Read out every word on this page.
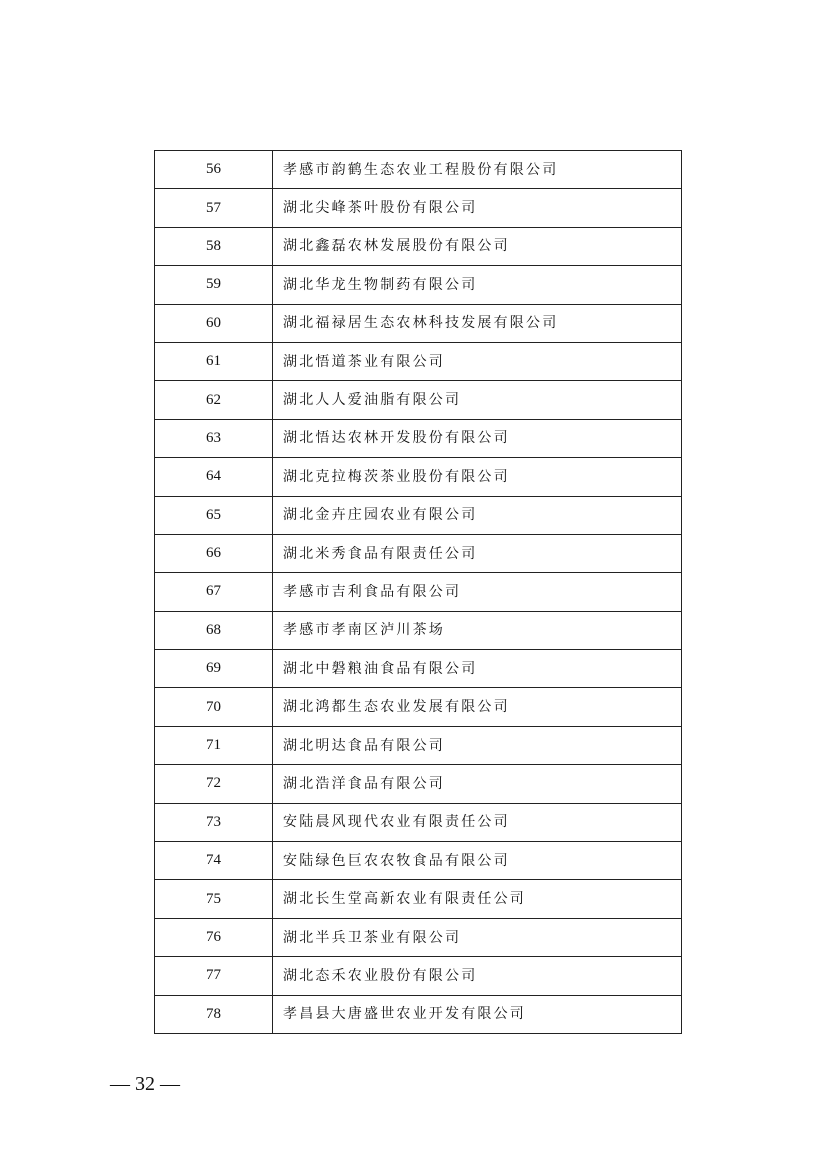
56	孝感市韵鹤生态农业工程股份有限公司
57	湖北尖峰茶叶股份有限公司
58	湖北鑫磊农林发展股份有限公司
59	湖北华龙生物制药有限公司
60	湖北福禄居生态农林科技发展有限公司
61	湖北悟道茶业有限公司
62	湖北人人爱油脂有限公司
63	湖北悟达农林开发股份有限公司
64	湖北克拉梅茨茶业股份有限公司
65	湖北金卉庄园农业有限公司
66	湖北米秀食品有限责任公司
67	孝感市吉利食品有限公司
68	孝感市孝南区泸川茶场
69	湖北中磐粮油食品有限公司
70	湖北鸿都生态农业发展有限公司
71	湖北明达食品有限公司
72	湖北浩洋食品有限公司
73	安陆晨风现代农业有限责任公司
74	安陆绿色巨农农牧食品有限公司
75	湖北长生堂高新农业有限责任公司
76	湖北半兵卫茶业有限公司
77	湖北态禾农业股份有限公司
78	孝昌县大唐盛世农业开发有限公司
— 32 —
